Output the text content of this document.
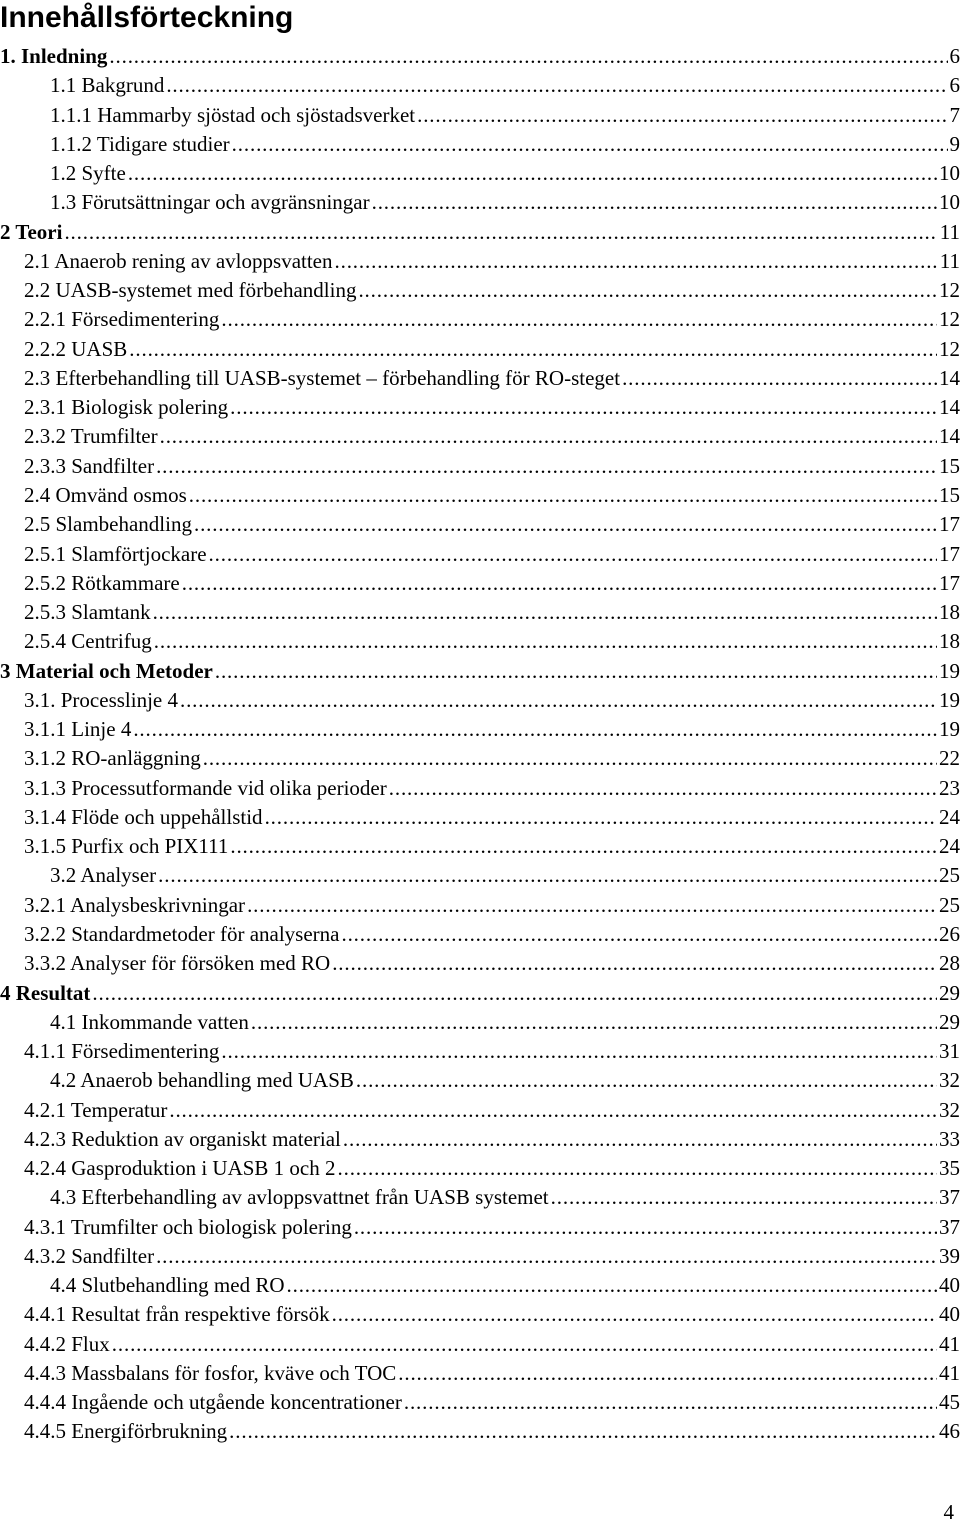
Innehållsförteckning
1. Inledning . . .	6
1.1 Bakgrund . . .	6
1.1.1 Hammarby sjöstad och sjöstadsverket . . .	7
1.1.2 Tidigare studier . . .	9
1.2 Syfte . . .	10
1.3 Förutsättningar och avgränsningar . . .	10
2 Teori . . .	11
2.1 Anaerob rening av avloppsvatten . . .	11
2.2 UASB-systemet med förbehandling . . .	12
2.2.1 Försedimentering . . .	12
2.2.2 UASB . . .	12
2.3 Efterbehandling till UASB-systemet – förbehandling för RO-steget . . .	14
2.3.1 Biologisk polering . . .	14
2.3.2 Trumfilter . . .	14
2.3.3 Sandfilter . . .	15
2.4 Omvänd osmos . . .	15
2.5 Slambehandling . . .	17
2.5.1 Slamförtjockare . . .	17
2.5.2 Rötkammare . . .	17
2.5.3 Slamtank . . .	18
2.5.4 Centrifug . . .	18
3 Material och Metoder . . .	19
3.1. Processlinje 4 . . .	19
3.1.1 Linje 4 . . .	19
3.1.2 RO-anläggning . . .	22
3.1.3 Processutformande vid olika perioder . . .	23
3.1.4 Flöde och uppehållstid . . .	24
3.1.5 Purfix och PIX111 . . .	24
3.2 Analyser . . .	25
3.2.1 Analysbeskrivningar . . .	25
3.2.2 Standardmetoder för analyserna . . .	26
3.3.2 Analyser för försöken med RO . . .	28
4 Resultat . . .	29
4.1 Inkommande vatten . . .	29
4.1.1 Försedimentering . . .	31
4.2 Anaerob behandling med UASB . . .	32
4.2.1 Temperatur . . .	32
4.2.3 Reduktion av organiskt material . . .	33
4.2.4 Gasproduktion i UASB 1 och 2 . . .	35
4.3 Efterbehandling av avloppsvattnet från UASB systemet . . .	37
4.3.1 Trumfilter och biologisk polering . . .	37
4.3.2 Sandfilter . . .	39
4.4 Slutbehandling med RO . . .	40
4.4.1 Resultat från respektive försök . . .	40
4.4.2 Flux . . .	41
4.4.3 Massbalans för fosfor, kväve och TOC . . .	41
4.4.4 Ingående och utgående koncentrationer . . .	45
4.4.5 Energiförbrukning . . .	46
4
